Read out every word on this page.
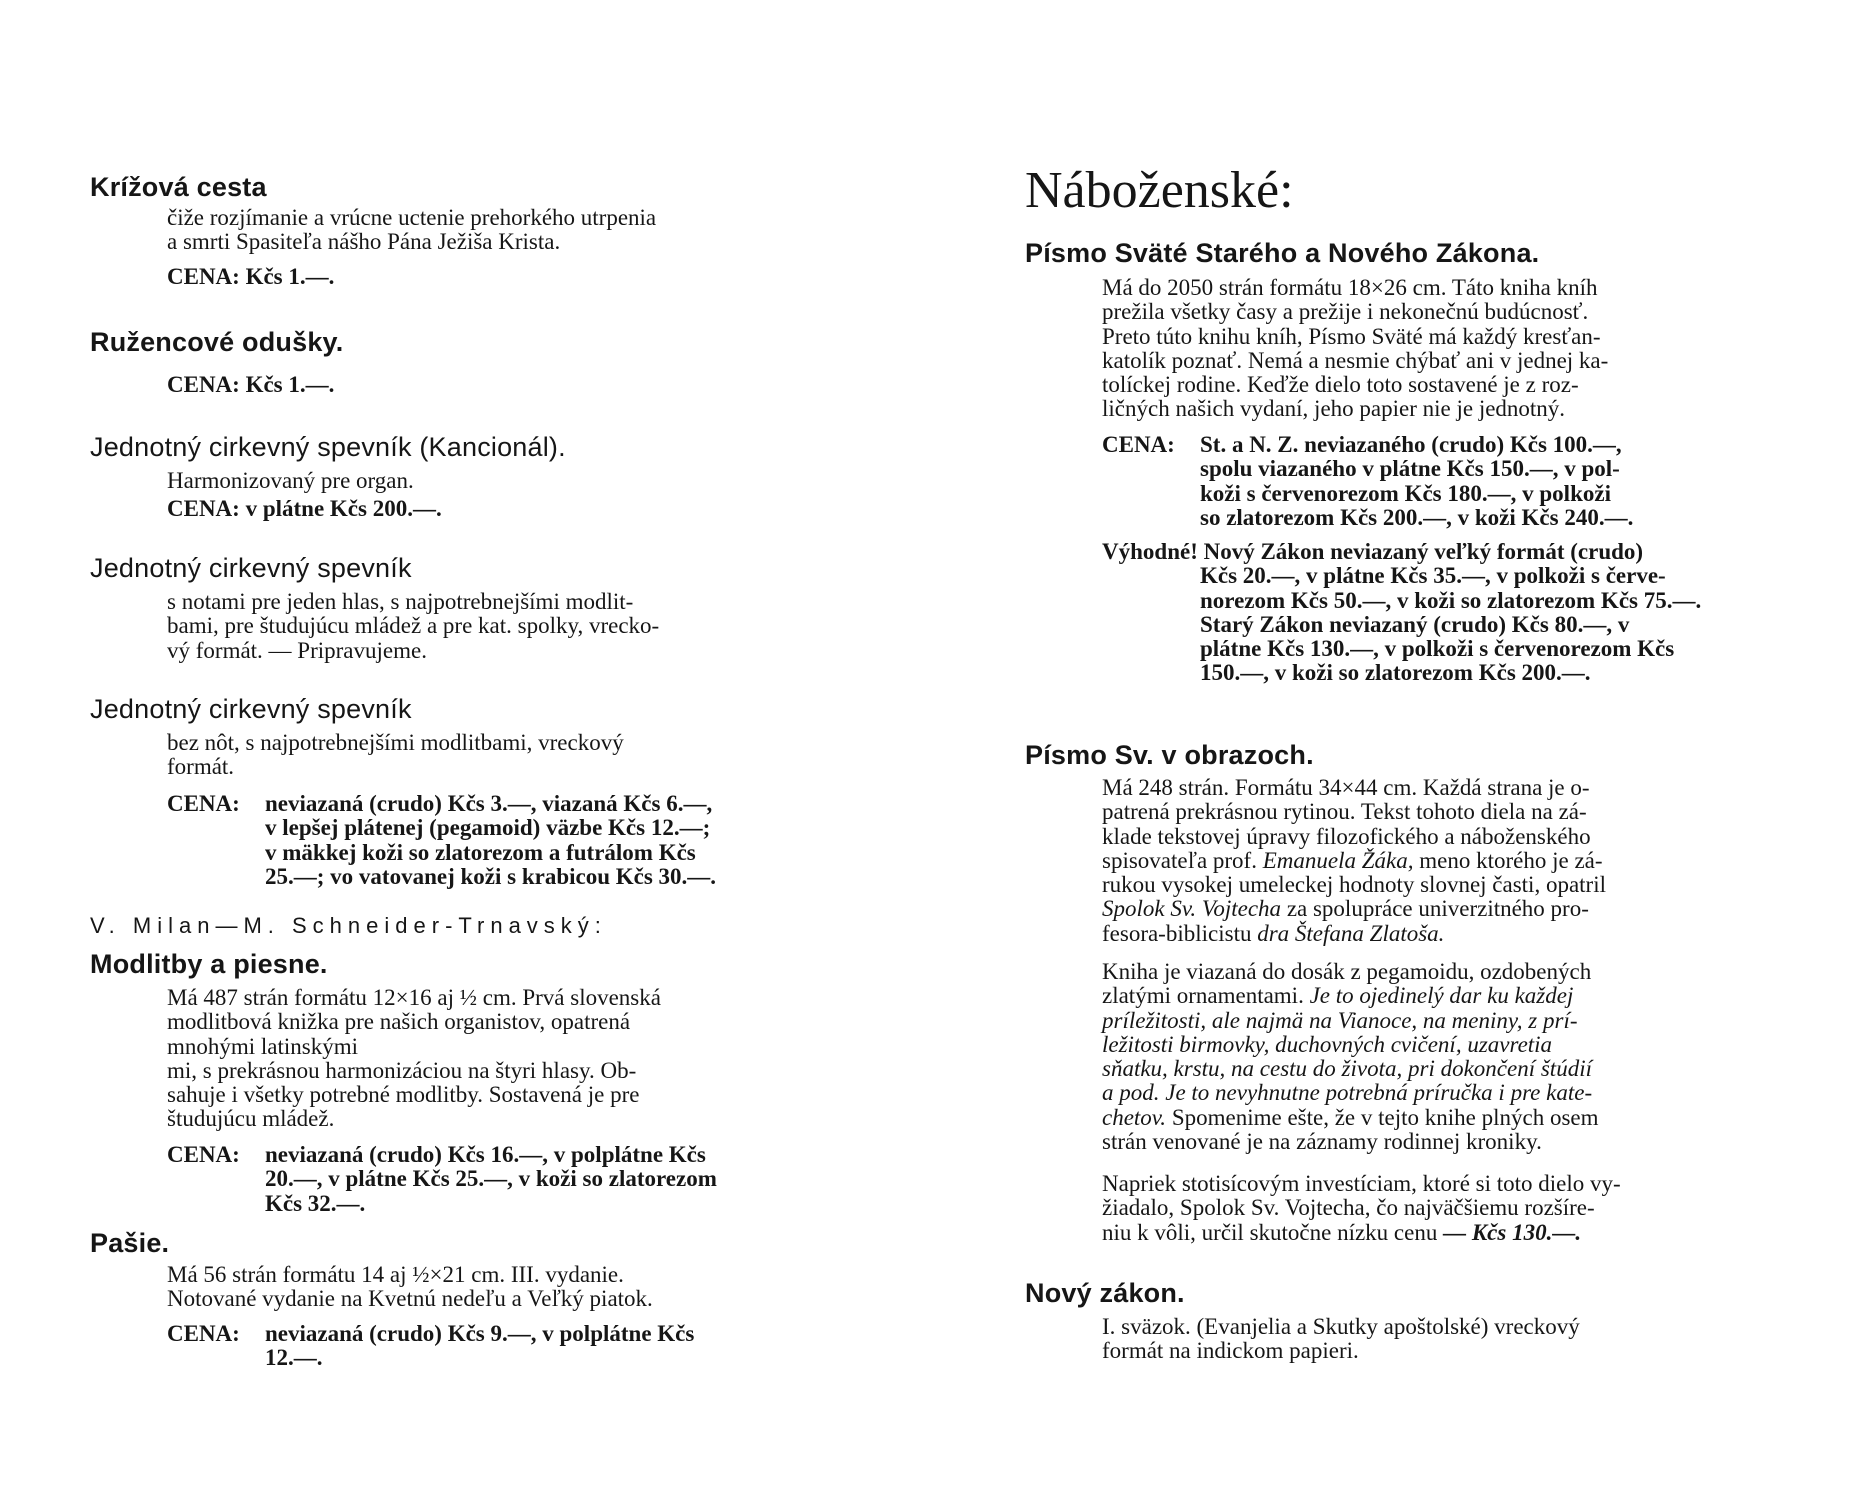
Krížová cesta
čiže rozjímanie a vrúcne uctenie prehorkého utrpenia
a smrti Spasiteľa nášho Pána Ježiša Krista.
CENA: Kčs 1.—.
Ružencové odušky.
CENA: Kčs 1.—.
Jednotný cirkevný spevník (Kancionál).
Harmonizovaný pre organ.
CENA: v plátne Kčs 200.—.
Jednotný cirkevný spevník
s notami pre jeden hlas, s najpotrebnejšími modlit-
bami, pre študujúcu mládež a pre kat. spolky, vrecko-
vý formát. — Pripravujeme.
Jednotný cirkevný spevník
bez nôt, s najpotrebnejšími modlitbami, vreckový
formát.
CENA:	neviazaná (crudo) Kčs 3.—, viazaná Kčs 6.—,
v lepšej plátenej (pegamoid) väzbe Kčs 12.—;
v mäkkej koži so zlatorezom a futrálom Kčs
25.—; vo vatovanej koži s krabicou Kčs 30.—.
V. Milan—M. Schneider-Trnavský:
Modlitby a piesne.
Má 487 strán formátu 12×16 aj ½ cm. Prvá slovenská
modlitbová knižka pre našich organistov, opatrená
mnohými latinskými
mi, s prekrásnou harmonizáciou na štyri hlasy. Ob-
sahuje i všetky potrebné modlitby. Sostavená je pre
študujúcu mládež.
CENA:	neviazaná (crudo) Kčs 16.—, v polplátne Kčs
20.—, v plátne Kčs 25.—, v koži so zlatorezom
Kčs 32.—.
Pašie.
Má 56 strán formátu 14 aj ½×21 cm. III. vydanie.
Notované vydanie na Kvetnú nedeľu a Veľký piatok.
CENA:	neviazaná (crudo) Kčs 9.—, v polplátne Kčs
12.—.
Náboženské:
Písmo Sväté Starého a Nového Zákona.
Má do 2050 strán formátu 18×26 cm. Táto kniha kníh
prežila všetky časy a prežije i nekonečnú budúcnosť.
Preto túto knihu kníh, Písmo Sväté má každý kresťan-
katolík poznať. Nemá a nesmie chýbať ani v jednej ka-
tolíckej rodine. Keďže dielo toto sostavené je z roz-
ličných našich vydaní, jeho papier nie je jednotný.
CENA:	St. a N. Z. neviazaného (crudo) Kčs 100.—,
spolu viazaného v plátne Kčs 150.—, v pol-
koži s červenorezom Kčs 180.—, v polkoži
so zlatorezom Kčs 200.—, v koži Kčs 240.—.
Výhodné! Nový Zákon neviazaný veľký formát (crudo)
Kčs 20.—, v plátne Kčs 35.—, v polkoži s červe-
norezom Kčs 50.—, v koži so zlatorezom Kčs 75.—.
Starý Zákon neviazaný (crudo) Kčs 80.—, v
plátne Kčs 130.—, v polkoži s červenorezom Kčs
150.—, v koži so zlatorezom Kčs 200.—.
Písmo Sv. v obrazoch.
Má 248 strán. Formátu 34×44 cm. Každá strana je o-
patrená prekrásnou rytinou. Tekst tohoto diela na zá-
klade tekstovej úpravy filozofického a náboženského
spisovateľa prof. Emanuela Žáka, meno ktorého je zá-
rukou vysokej umeleckej hodnoty slovnej časti, opatril
Spolok Sv. Vojtecha za spolupráce univerzitného pro-
fesora-biblicistu dra Štefana Zlatoša.
Kniha je viazaná do dosák z pegamoidu, ozdobených
zlatými ornamentami. Je to ojedinelý dar ku každej
príležitosti, ale najmä na Vianoce, na meniny, z prí-
ležitosti birmovky, duchovných cvičení, uzavretia
sňatku, krstu, na cestu do života, pri dokončení štúdií
a pod. Je to nevyhnutne potrebná príručka i pre kate-
chetov. Spomenime ešte, že v tejto knihe plných osem
strán venované je na záznamy rodinnej kroniky.
Napriek stotisícovým investíciam, ktoré si toto dielo vy-
žiadalo, Spolok Sv. Vojtecha, čo najväčšiemu rozšíre-
niu k vôli, určil skutočne nízku cenu — Kčs 130.—.
Nový zákon.
I. sväzok. (Evanjelia a Skutky apoštolské) vreckový
formát na indickom papieri.
